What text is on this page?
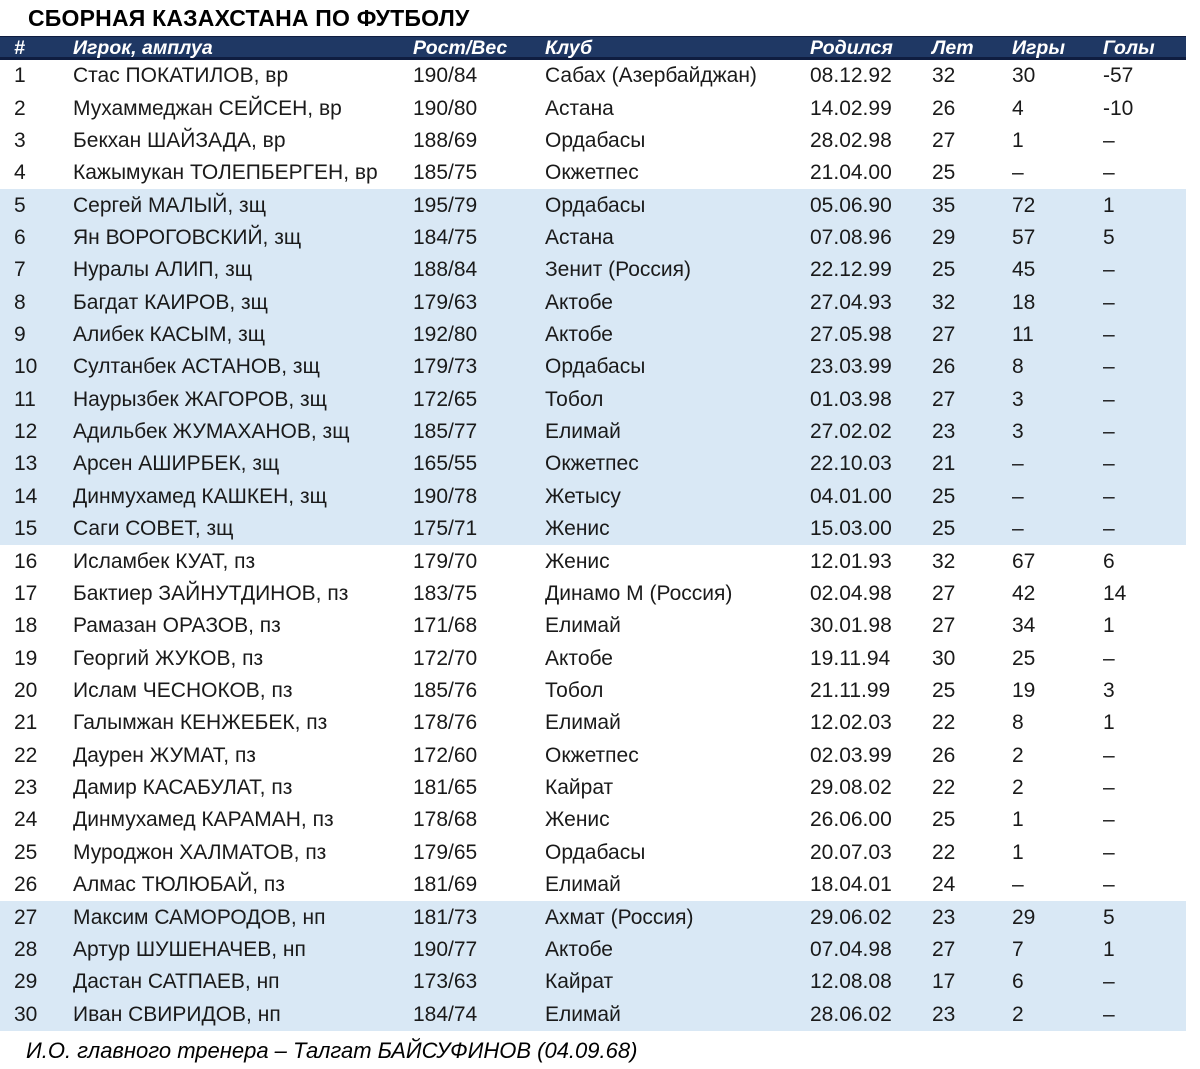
СБОРНАЯ КАЗАХСТАНА ПО ФУТБОЛУ
#	Игрок, амплуа	Рост/Вес	Клуб	Родился	Лет	Игры	Голы
1	Стас ПОКАТИЛОВ, вр	190/84	Сабах (Азербайджан)	08.12.92	32	30	-57
2	Мухаммеджан СЕЙСЕН, вр	190/80	Астана	14.02.99	26	4	-10
3	Бекхан ШАЙЗАДА, вр	188/69	Ордабасы	28.02.98	27	1	–
4	Кажымукан ТОЛЕПБЕРГЕН, вр	185/75	Окжетпес	21.04.00	25	–	–
5	Сергей МАЛЫЙ, зщ	195/79	Ордабасы	05.06.90	35	72	1
6	Ян ВОРОГОВСКИЙ, зщ	184/75	Астана	07.08.96	29	57	5
7	Нуралы АЛИП, зщ	188/84	Зенит (Россия)	22.12.99	25	45	–
8	Багдат КАИРОВ, зщ	179/63	Актобе	27.04.93	32	18	–
9	Алибек КАСЫМ, зщ	192/80	Актобе	27.05.98	27	11	–
10	Султанбек АСТАНОВ, зщ	179/73	Ордабасы	23.03.99	26	8	–
11	Наурызбек ЖАГОРОВ, зщ	172/65	Тобол	01.03.98	27	3	–
12	Адильбек ЖУМАХАНОВ, зщ	185/77	Елимай	27.02.02	23	3	–
13	Арсен АШИРБЕК, зщ	165/55	Окжетпес	22.10.03	21	–	–
14	Динмухамед КАШКЕН, зщ	190/78	Жетысу	04.01.00	25	–	–
15	Саги СОВЕТ, зщ	175/71	Женис	15.03.00	25	–	–
16	Исламбек КУАТ, пз	179/70	Женис	12.01.93	32	67	6
17	Бактиер ЗАЙНУТДИНОВ, пз	183/75	Динамо М (Россия)	02.04.98	27	42	14
18	Рамазан ОРАЗОВ, пз	171/68	Елимай	30.01.98	27	34	1
19	Георгий ЖУКОВ, пз	172/70	Актобе	19.11.94	30	25	–
20	Ислам ЧЕСНОКОВ, пз	185/76	Тобол	21.11.99	25	19	3
21	Галымжан КЕНЖЕБЕК, пз	178/76	Елимай	12.02.03	22	8	1
22	Даурен ЖУМАТ, пз	172/60	Окжетпес	02.03.99	26	2	–
23	Дамир КАСАБУЛАТ, пз	181/65	Кайрат	29.08.02	22	2	–
24	Динмухамед КАРАМАН, пз	178/68	Женис	26.06.00	25	1	–
25	Муроджон ХАЛМАТОВ, пз	179/65	Ордабасы	20.07.03	22	1	–
26	Алмас ТЮЛЮБАЙ, пз	181/69	Елимай	18.04.01	24	–	–
27	Максим САМОРОДОВ, нп	181/73	Ахмат (Россия)	29.06.02	23	29	5
28	Артур ШУШЕНАЧЕВ, нп	190/77	Актобе	07.04.98	27	7	1
29	Дастан САТПАЕВ, нп	173/63	Кайрат	12.08.08	17	6	–
30	Иван СВИРИДОВ, нп	184/74	Елимай	28.06.02	23	2	–
И.О. главного тренера – Талгат БАЙСУФИНОВ (04.09.68)
